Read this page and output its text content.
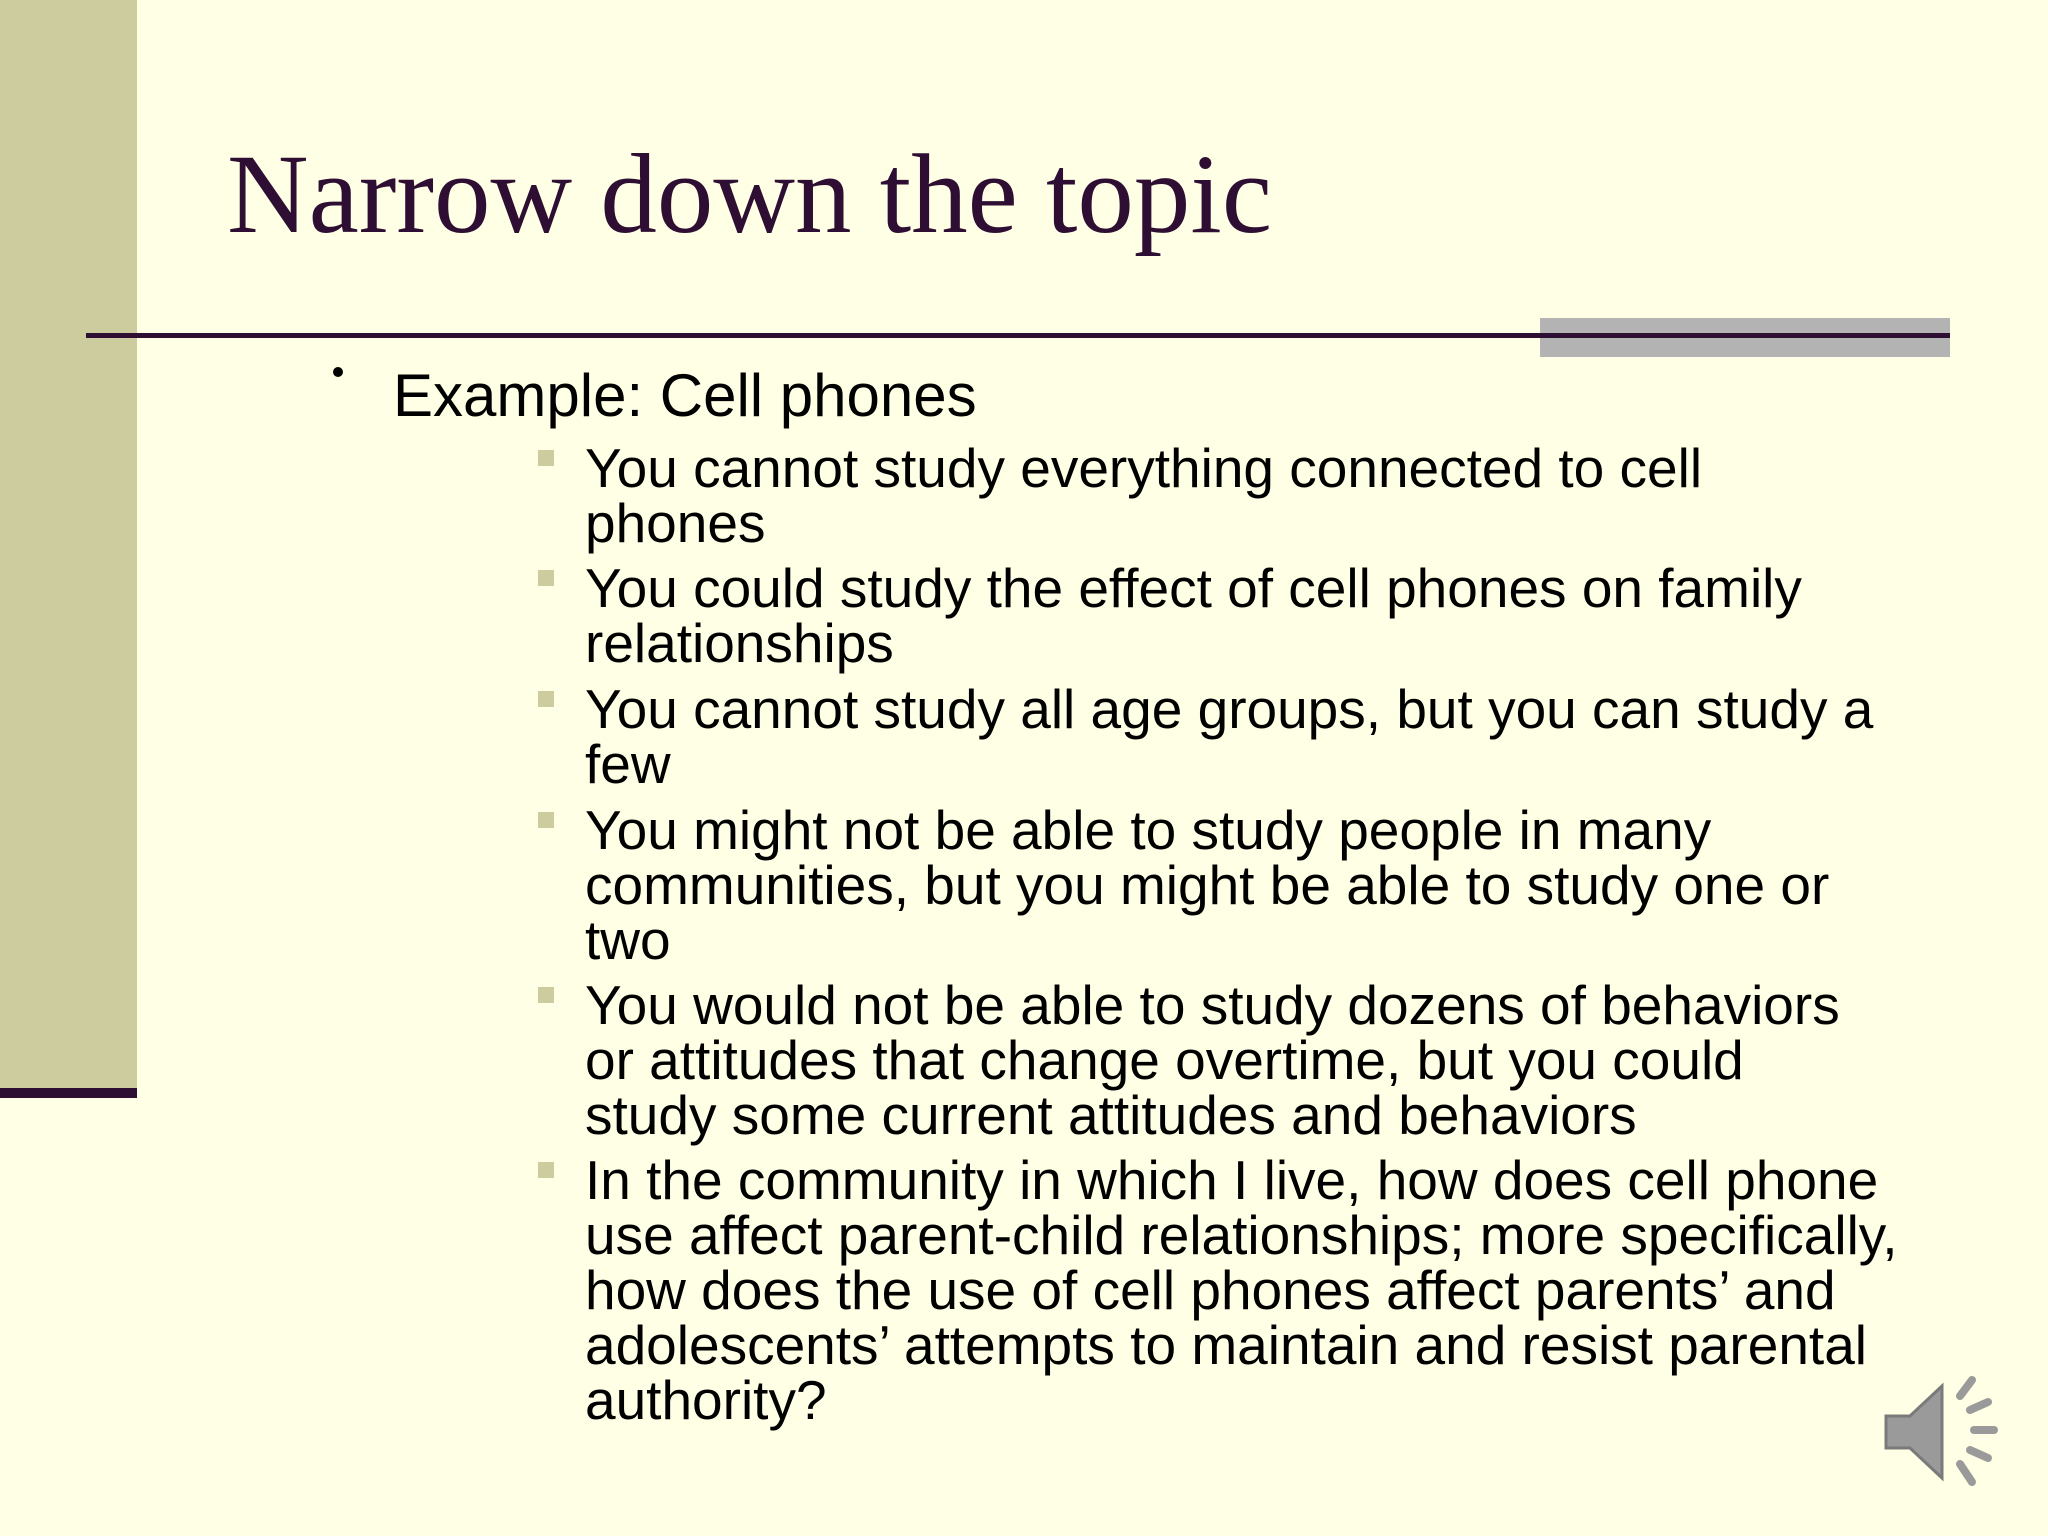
Narrow down the topic
Example: Cell phones
You cannot study everything connected to cell phones
You could study the effect of cell phones on family relationships
You cannot study all age groups, but you can study a few
You might not be able to study people in many communities, but you might be able to study one or two
You would not be able to study dozens of behaviors or attitudes that change overtime, but you could study some current attitudes and behaviors
In the community in which I live, how does cell phone use affect parent-child relationships; more specifically, how does the use of cell phones affect parents’ and adolescents’ attempts to maintain and resist parental authority?
